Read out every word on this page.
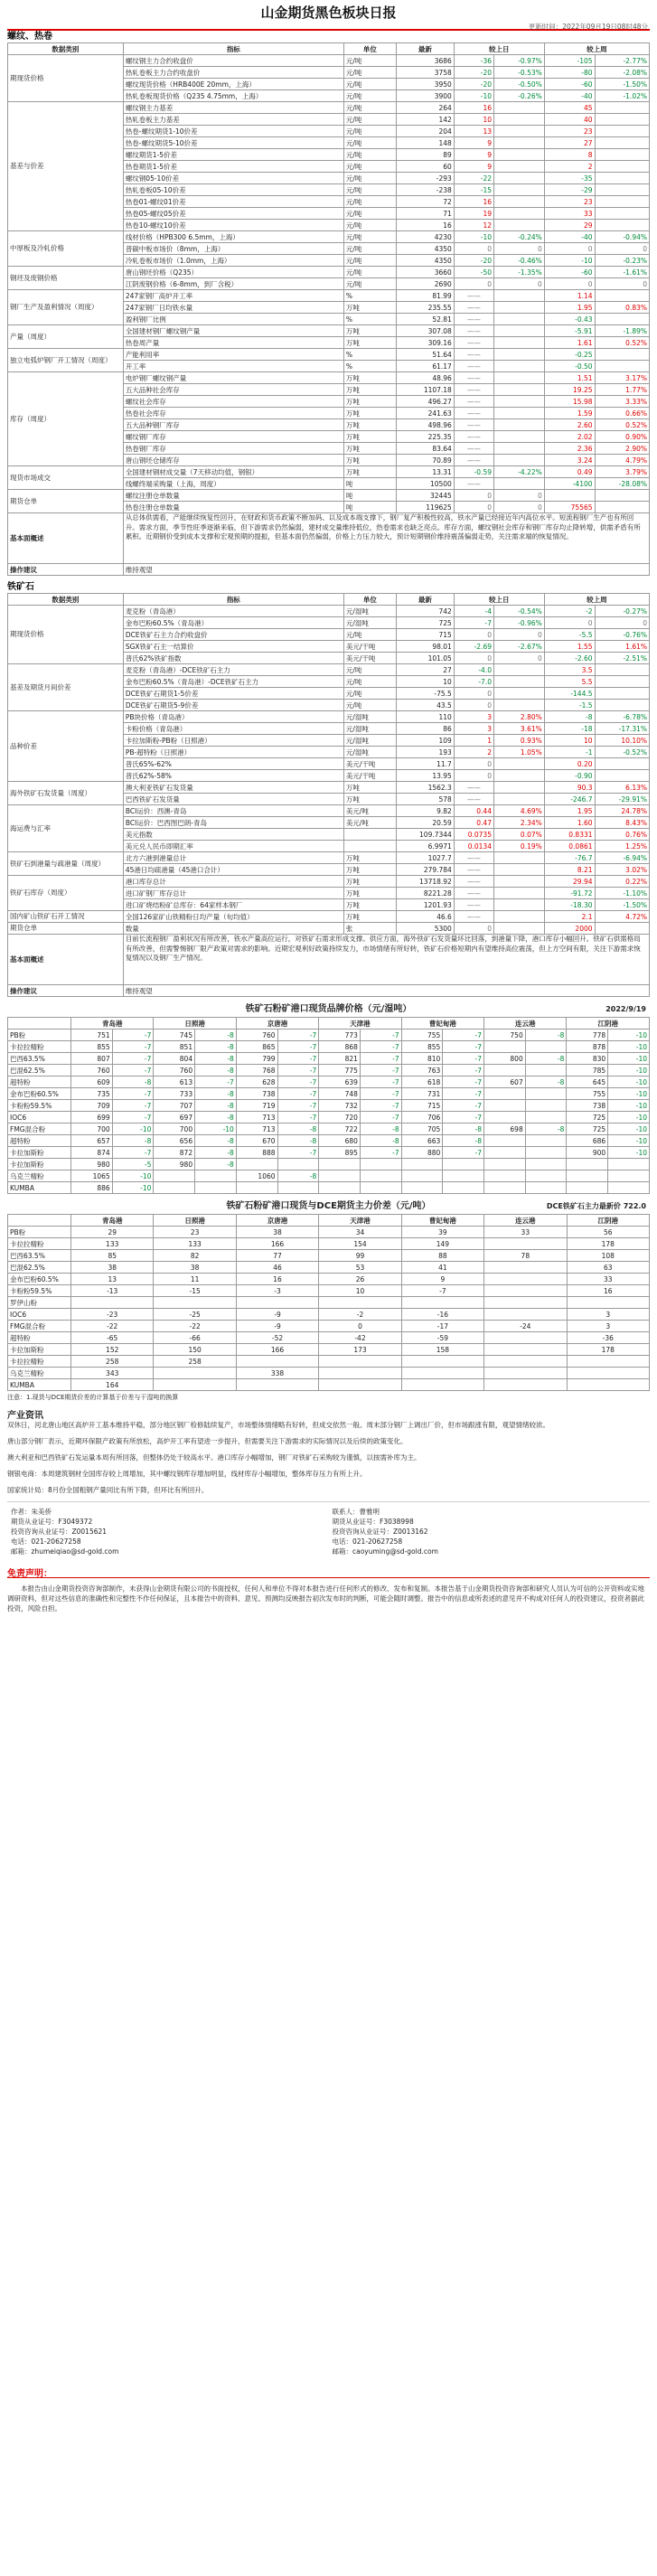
山金期货黑色板块日报
更新时间：2022年09月19日08时48分
螺纹、热卷
数据类别	指标	单位	最新	较上日		较上周	
期现货价格	螺纹钢主力合约收盘价	元/吨	3686	-36	-0.97%	-105	-2.77%
	热轧卷板主力合约收盘价	元/吨	3758	-20	-0.53%	-80	-2.08%
	螺纹现货价格（HRB400E 20mm，上海）	元/吨	3950	-20	-0.50%	-60	-1.50%
	热轧卷板现货价格（Q235 4.75mm，上海）	元/吨	3900	-10	-0.26%	-40	-1.02%
基差与价差	螺纹钢主力基差	元/吨	264	16		45	
	热轧卷板主力基差	元/吨	142	10		40	
	热卷-螺纹期货1-10价差	元/吨	204	13		23	
	热卷-螺纹期货5-10价差	元/吨	148	9		27	
	螺纹期货1-5价差	元/吨	89	9		8	
	热卷期货1-5价差	元/吨	60	9		2	
	螺纹钢05-10价差	元/吨	-293	-22		-35	
	热轧卷板05-10价差	元/吨	-238	-15		-29	
	热卷01-螺纹01价差	元/吨	72	16		23	
	热卷05-螺纹05价差	元/吨	71	19		33	
	热卷10-螺纹10价差	元/吨	16	12		29	
中厚板及冷轧价格	线材价格（HPB300 6.5mm，上海）	元/吨	4230	-10	-0.24%	-40	-0.94%
	普碳中板市场价（8mm，上海）	元/吨	4350	0	0	0	0
	冷轧卷板市场价（1.0mm，上海）	元/吨	4350	-20	-0.46%	-10	-0.23%
钢坯及废钢价格	唐山钢坯价格（Q235）	元/吨	3660	-50	-1.35%	-60	-1.61%
	江阴废钢价格（6-8mm，到厂含税）	元/吨	2690	0	0	0	0
钢厂生产及盈利情况（周度）	247家钢厂高炉开工率	%	81.99	——		1.14	
	247家钢厂日均铁水量	万吨	235.55	——		1.95	0.83%
	盈利钢厂比例	%	52.81	——		-0.43	
产量（周度）	全国建材钢厂螺纹钢产量	万吨	307.08	——		-5.91	-1.89%
	热卷周产量	万吨	309.16	——		1.61	0.52%
独立电弧炉钢厂开工情况（周度）	产能利用率	%	51.64	——		-0.25	
	开工率	%	61.17	——		-0.50	
库存（周度）	电炉钢厂螺纹钢产量	万吨	48.96	——		1.51	3.17%
	五大品种社会库存	万吨	1107.18	——		19.25	1.77%
	螺纹社会库存	万吨	496.27	——		15.98	3.33%
	热卷社会库存	万吨	241.63	——		1.59	0.66%
	五大品种钢厂库存	万吨	498.96	——		2.60	0.52%
	螺纹钢厂库存	万吨	225.35	——		2.02	0.90%
	热卷钢厂库存	万吨	83.64	——		2.36	2.90%
	唐山钢坯仓储库存	万吨	70.89	——		3.24	4.79%
现货市场成交	全国建材钢材成交量（7天移动均值，钢银）	万吨	13.31	-0.59	-4.22%	0.49	3.79%
	线螺终端采购量（上海，周度）	吨	10500	——		-4100	-28.08%
期货仓单	螺纹注册仓单数量	吨	32445	0	0		
	热卷注册仓单数量	吨	119625	0	0	75565	
基本面概述	从总体供需看，产能继续恢复性回升，在财政和货币政策不断加码、以及成本端支撑下，钢厂复产积极性较高，铁水产量已经接近年内高位水平。短流程钢厂生产也有所回升。需求方面，季节性旺季逐渐来临，但下游需求仍然偏弱，建材成交量维持低位，热卷需求也缺乏亮点。库存方面，螺纹钢社会库存和钢厂库存均止降转增，供需矛盾有所累积。近期钢价受到成本支撑和宏观预期的提振，但基本面仍然偏弱，价格上方压力较大，预计短期钢价维持震荡偏弱走势，关注需求端的恢复情况。						
操作建议	维持观望						
铁矿石
数据类别	指标	单位	最新	较上日		较上周	
期现货价格	麦克粉（青岛港）	元/湿吨	742	-4	-0.54%	-2	-0.27%
	金布巴粉60.5%（青岛港）	元/湿吨	725	-7	-0.96%	0	0
	DCE铁矿石主力合约收盘价	元/吨	715	0	0	-5.5	-0.76%
	SGX铁矿石主一结算价	美元/干吨	98.01	-2.69	-2.67%	1.55	1.61%
	普氏62%铁矿指数	美元/干吨	101.05	0	0	-2.60	-2.51%
基差及期货月间价差	麦克粉（青岛港）-DCE铁矿石主力	元/吨	27	-4.0		3.5	
	金布巴粉60.5%（青岛港）-DCE铁矿石主力	元/吨	10	-7.0		5.5	
	DCE铁矿石期货1-5价差	元/吨	-75.5	0		-144.5	
	DCE铁矿石期货5-9价差	元/吨	43.5	0		-1.5	
品种价差	PB块价格（青岛港）	元/湿吨	110	3	2.80%	-8	-6.78%
	卡粉价格（青岛港）	元/湿吨	86	3	3.61%	-18	-17.31%
	卡拉加斯粉-PB粉（日照港）	元/湿吨	109	1	0.93%	10	10.10%
	PB-超特粉（日照港）	元/湿吨	193	2	1.05%	-1	-0.52%
	普氏65%-62%	美元/干吨	11.7	0		0.20	
	普氏62%-58%	美元/干吨	13.95	0		-0.90	
海外铁矿石发货量（周度）	澳大利亚铁矿石发货量	万吨	1562.3	——		90.3	6.13%
	巴西铁矿石发货量	万吨	578	——		-246.7	-29.91%
海运费与汇率	BCI运价：西澳-青岛	美元/吨	9.82	0.44	4.69%	1.95	24.78%
	BCI运价：巴西图巴朗-青岛	美元/吨	20.59	0.47	2.34%	1.60	8.43%
	美元指数		109.7344	0.0735	0.07%	0.8331	0.76%
	美元兑人民币即期汇率		6.9971	0.0134	0.19%	0.0861	1.25%
铁矿石到港量与疏港量（周度）	北方六港到港量总计	万吨	1027.7	——		-76.7	-6.94%
	45港日均疏港量（45港口合计）	万吨	279.784	——		8.21	3.02%
铁矿石库存（周度）	港口库存总计	万吨	13718.92	——		29.94	0.22%
	进口矿钢厂库存总计	万吨	8221.28	——		-91.72	-1.10%
	进口矿烧结粉矿总库存：64家样本钢厂	万吨	1201.93	——		-18.30	-1.50%
国内矿山铁矿石开工情况	全国126家矿山铁精粉日均产量（旬均值）	万吨	46.6	——		2.1	4.72%
期货仓单	数量	张	5300	0		2000	
基本面概述	目前长流程钢厂盈利状况有所改善，铁水产量高位运行，对铁矿石需求形成支撑。供应方面，海外铁矿石发货量环比回落，到港量下降，港口库存小幅回升。铁矿石供需格局有所改善，但需警惕钢厂限产政策对需求的影响。近期宏观利好政策持续发力，市场情绪有所好转，铁矿石价格短期内有望维持高位震荡，但上方空间有限，关注下游需求恢复情况以及钢厂生产情况。						
操作建议	维持观望						
铁矿石粉矿港口现货品牌价格（元/湿吨）	2022/9/19
	青岛港		日照港		京唐港		天津港		曹妃甸港		连云港		江阴港	
PB粉	751	-7	745	-8	760	-7	773	-7	755	-7	750	-8	778	-10
卡拉拉精粉	855	-7	851	-8	865	-7	868	-7	855	-7			878	-10
巴西63.5%	807	-7	804	-8	799	-7	821	-7	810	-7	800	-8	830	-10
巴混62.5%	760	-7	760	-8	768	-7	775	-7	763	-7			785	-10
超特粉	609	-8	613	-7	628	-7	639	-7	618	-7	607	-8	645	-10
金布巴粉60.5%	735	-7	733	-8	738	-7	748	-7	731	-7			755	-10
卡粉粉59.5%	709	-7	707	-8	719	-7	732	-7	715	-7			738	-10
IOC6	699	-7	697	-8	713	-7	720	-7	706	-7			725	-10
FMG混合粉	700	-10	700	-10	713	-8	722	-8	705	-8	698	-8	725	-10
超特粉	657	-8	656	-8	670	-8	680	-8	663	-8			686	-10
卡拉加斯粉	874	-7	872	-8	888	-7	895	-7	880	-7			900	-10
卡拉加斯粉	980	-5	980	-8										
乌克兰精粉	1065	-10			1060	-8								
KUMBA	886	-10												
铁矿石粉矿港口现货与DCE期货主力价差（元/吨）	DCE铁矿石主力最新价 722.0
	青岛港	日照港	京唐港	天津港	曹妃甸港	连云港	江阴港
PB粉	29	23	38	34	39	33	56
卡拉拉精粉	133	133	166	154	149		178
巴西63.5%	85	82	77	99	88	78	108
巴混62.5%	38	38	46	53	41		63
金布巴粉60.5%	13	11	16	26	9		33
卡粉粉59.5%	-13	-15	-3	10	-7		16
罗伊山粉							
IOC6	-23	-25	-9	-2	-16		3
FMG混合粉	-22	-22	-9	0	-17	-24	3
超特粉	-65	-66	-52	-42	-59		-36
卡拉加斯粉	152	150	166	173	158		178
卡拉拉精粉	258	258					
乌克兰精粉	343		338				
KUMBA	164						
注意：1.现货与DCE期货价差的计算基于价差与干湿吨的换算
产业资讯

双休日，河北唐山地区高炉开工基本维持平稳，部分地区钢厂检修陆续复产，市场整体情绪略有好转，但成交依然一般。周末部分钢厂上调出厂价，但市场跟涨有限，观望情绪较浓。

唐山部分钢厂表示，近期环保限产政策有所放松，高炉开工率有望进一步提升，但需要关注下游需求的实际情况以及后续的政策变化。

澳大利亚和巴西铁矿石发运量本周有所回落，但整体仍处于较高水平。港口库存小幅增加，钢厂对铁矿石采购较为谨慎，以按需补库为主。

钢银电商：本周建筑钢材全国库存较上周增加，其中螺纹钢库存增加明显，线材库存小幅增加，整体库存压力有所上升。

国家统计局：8月份全国粗钢产量同比有所下降，但环比有所回升。

作者：朱美侨
期货从业证号：F3049372
投资咨询从业证号：Z0015621
电话：021-20627258
邮箱：zhumeiqiao@sd-gold.com
联系人：曹雅明
期货从业证号：F3038998
投资咨询从业证号：Z0013162
电话：021-20627258
邮箱：caoyuming@sd-gold.com
免责声明：
本报告由山金期货投资咨询部制作，未获得山金期货有限公司的书面授权，任何人和单位不得对本报告进行任何形式的修改、发布和复制。本报告基于山金期货投资咨询部和研究人员认为可信的公开资料或实地调研资料，但对这些信息的准确性和完整性不作任何保证，且本报告中的资料、意见、预测均反映报告初次发布时的判断，可能会随时调整。报告中的信息或所表述的意见并不构成对任何人的投资建议，投资者据此投资，风险自担。
